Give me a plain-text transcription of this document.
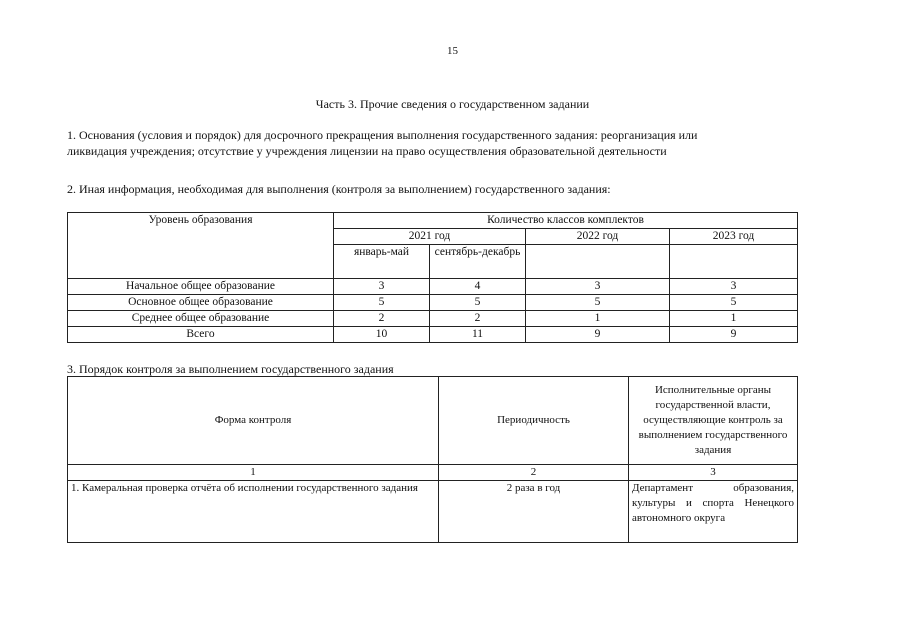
15
Часть 3. Прочие сведения о государственном задании
1. Основания (условия и порядок) для досрочного прекращения выполнения государственного задания: реорганизация или
ликвидация учреждения; отсутствие у учреждения лицензии на право осуществления образовательной деятельности
2. Иная информация, необходимая для выполнения (контроля за выполнением) государственного задания:
Уровень образования	Количество классов комплектов			
	2021 год		2022 год	2023 год
	январь-май	сентябрь-декабрь		
Начальное общее образование	3	4	3	3
Основное общее образование	5	5	5	5
Среднее общее образование	2	2	1	1
Всего	10	11	9	9
3. Порядок контроля за выполнением государственного задания
Форма контроля	Периодичность	Исполнительные органы государственной власти, осуществляющие контроль за выполнением государственного задания
1	2	3
1. Камеральная проверка отчёта об исполнении государственного задания	2 раза в год	Департамент образования, культуры и спорта Ненецкого автономного округа
